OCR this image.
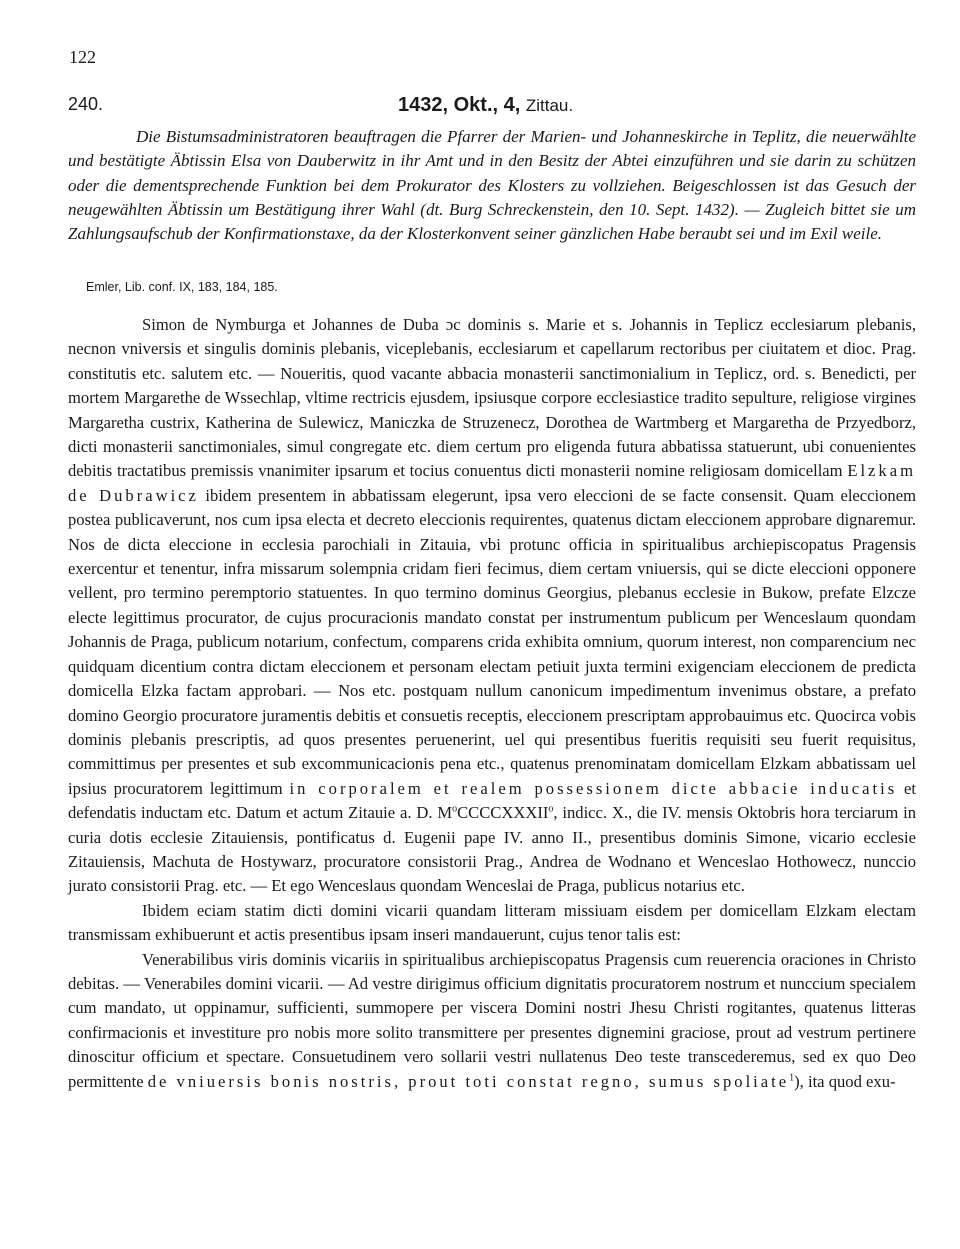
122
240.	1432, Okt., 4, Zittau.

Die Bistumsadministratoren beauftragen die Pfarrer der Marien- und Johanneskirche in Teplitz, die neuerwählte und bestätigte Äbtissin Elsa von Dauberwitz in ihr Amt und in den Besitz der Abtei einzuführen und sie darin zu schützen oder die dementsprechende Funktion bei dem Prokurator des Klosters zu vollziehen. Beigeschlossen ist das Gesuch der neugewählten Äbtissin um Bestätigung ihrer Wahl (dt. Burg Schreckenstein, den 10. Sept. 1432). — Zugleich bittet sie um Zahlungsaufschub der Konfirmationstaxe, da der Klosterkonvent seiner gänzlichen Habe beraubt sei und im Exil weile.

Emler, Lib. conf. IX, 183, 184, 185.

Simon de Nymburga et Johannes de Duba ɔc dominis s. Marie et s. Johannis in Teplicz ecclesiarum plebanis, necnon vniversis et singulis dominis plebanis, viceplebanis, ecclesiarum et capellarum rectoribus per ciuitatem et dioc. Prag. constitutis etc. salutem etc. — Noueritis, quod vacante abbacia monasterii sanctimonialium in Teplicz, ord. s. Benedicti, per mortem Margarethe de Wssechlap, vltime rectricis ejusdem, ipsiusque corpore ecclesiastice tradito sepulture, religiose virgines Margaretha custrix, Katherina de Sulewicz, Maniczka de Struzenecz, Dorothea de Wartmberg et Margaretha de Przyedborz, dicti monasterii sanctimoniales, simul congregate etc. diem certum pro eligenda futura abbatissa statuerunt, ubi conuenientes debitis tractatibus premissis vnanimiter ipsarum et tocius conuentus dicti monasterii nomine religiosam domicellam Elzkam de Dubrawicz ibidem presentem in abbatissam elegerunt, ipsa vero eleccioni de se facte consensit. Quam eleccionem postea publicaverunt, nos cum ipsa electa et decreto eleccionis requirentes, quatenus dictam eleccionem approbare dignaremur. Nos de dicta eleccione in ecclesia parochiali in Zitauia, vbi protunc officia in spiritualibus archiepiscopatus Pragensis exercentur et tenentur, infra missarum solempnia cridam fieri fecimus, diem certam vniuersis, qui se dicte eleccioni opponere vellent, pro termino peremptorio statuentes. In quo termino dominus Georgius, plebanus ecclesie in Bukow, prefate Elzcze electe legittimus procurator, de cujus procuracionis mandato constat per instrumentum publicum per Wenceslaum quondam Johannis de Praga, publicum notarium, confectum, comparens crida exhibita omnium, quorum interest, non comparencium nec quidquam dicentium contra dictam eleccionem et personam electam petiuit juxta termini exigenciam eleccionem de predicta domicella Elzka factam approbari. — Nos etc. postquam nullum canonicum impedimentum invenimus obstare, a prefato domino Georgio procuratore juramentis debitis et consuetis receptis, eleccionem prescriptam approbauimus etc. Quocirca vobis dominis plebanis prescriptis, ad quos presentes peruenerint, uel qui presentibus fueritis requisiti seu fuerit requisitus, committimus per presentes et sub excommunicacionis pena etc., quatenus prenominatam domicellam Elzkam abbatissam uel ipsius procuratorem legittimum in corporalem et realem possessionem dicte abbacie inducatis et defendatis inductam etc. Datum et actum Zitauie a. D. $M^oCCCCXXXII^o$, indicc. X., die IV. mensis Oktobris hora terciarum in curia dotis ecclesie Zitauiensis, pontificatus d. Eugenii pape IV. anno II., presentibus dominis Simone, vicario ecclesie Zitauiensis, Machuta de Hostywarz, procuratore consistorii Prag., Andrea de Wodnano et Wenceslao Hothowecz, nunccio jurato consistorii Prag. etc. — Et ego Wenceslaus quondam Wenceslai de Praga, publicus notarius etc.

Ibidem eciam statim dicti domini vicarii quandam litteram missiuam eisdem per domicellam Elzkam electam transmissam exhibuerunt et actis presentibus ipsam inseri mandauerunt, cujus tenor talis est:

Venerabilibus viris dominis vicariis in spiritualibus archiepiscopatus Pragensis cum reuerencia oraciones in Christo debitas. — Venerabiles domini vicarii. — Ad vestre dirigimus officium dignitatis procuratorem nostrum et nunccium specialem cum mandato, ut oppinamur, sufficienti, summopere per viscera Domini nostri Jhesu Christi rogitantes, quatenus litteras confirmacionis et investiture pro nobis more solito transmittere per presentes dignemini graciose, prout ad vestrum pertinere dinoscitur officium et spectare. Consuetudinem vero sollarii vestri nullatenus Deo teste transcederemus, sed ex quo Deo permittente de vniuersis bonis nostris, prout toti constat regno, sumus spoliate$^1$), ita quod exu-
